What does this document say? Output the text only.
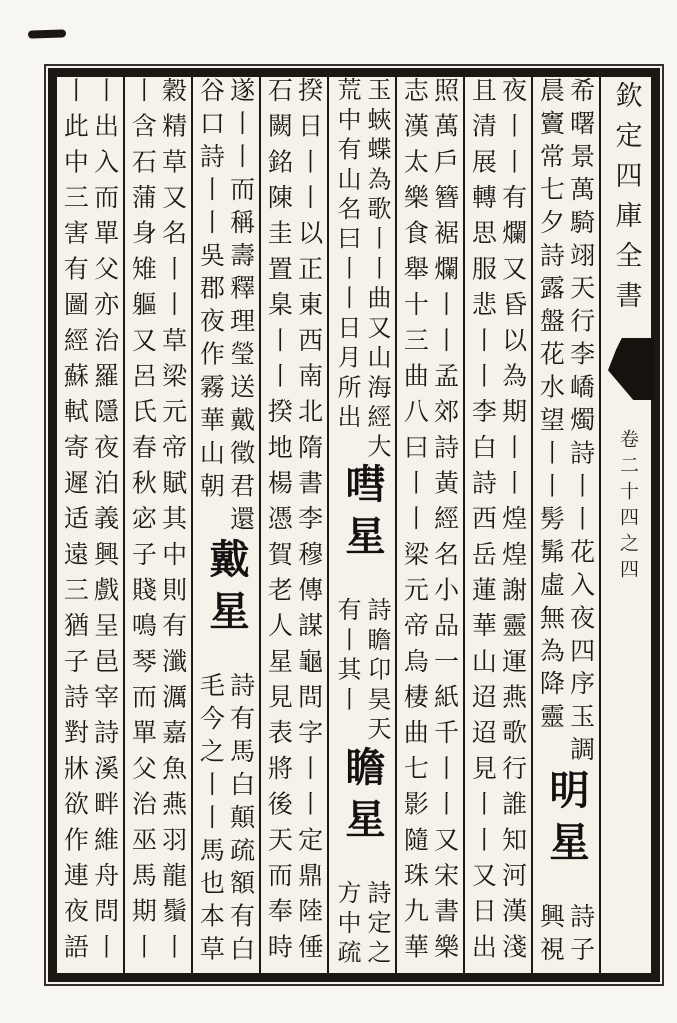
欽定四庫全書
卷二十四之四
希曙景萬騎翊天行李嶠燭詩丨丨花入夜四序玉調
晨竇常七夕詩露盤花水望丨丨髣髴虛無為降靈
明星
詩子
興視
夜丨丨有爛又昏以為期丨丨煌煌謝靈運燕歌行誰知河漢淺
且清展轉思服悲丨丨李白詩西岳蓮華山迢迢見丨丨又日出
照萬戶簪裾爛丨丨孟郊詩黃經名小品一紙千丨丨又宋書樂
志漢太樂食舉十三曲八曰丨丨梁元帝烏棲曲七影隨珠九華
玉蛺蝶為歌丨丨曲又山海經大
荒中有山名曰丨丨日月所出
嘒星
詩瞻卬昊天
有丨其丨
瞻星
詩定之
方中疏
揆日丨丨以正東西南北隋書李穆傳謀龜問字丨丨定鼎陸倕
石闕銘陳圭置臬丨丨揆地楊憑賀老人星見表將後天而奉時
遂丨丨而稱壽釋理瑩送戴徵君還
谷口詩丨丨吳郡夜作霧華山朝
戴星
詩有馬白顛疏額有白
毛今之丨丨馬也本草
穀精草又名丨丨草梁元帝賦其中則有瀸濿嘉魚燕羽龍鬚丨
丨含石蒲身雉軀又呂氏春秋宓子賤鳴琴而單父治巫馬期丨
丨出入而單父亦治羅隱夜泊義興戲呈邑宰詩溪畔維舟問丨
丨此中三害有圖經蘇軾寄遲适遠三猶子詩對牀欲作連夜語
